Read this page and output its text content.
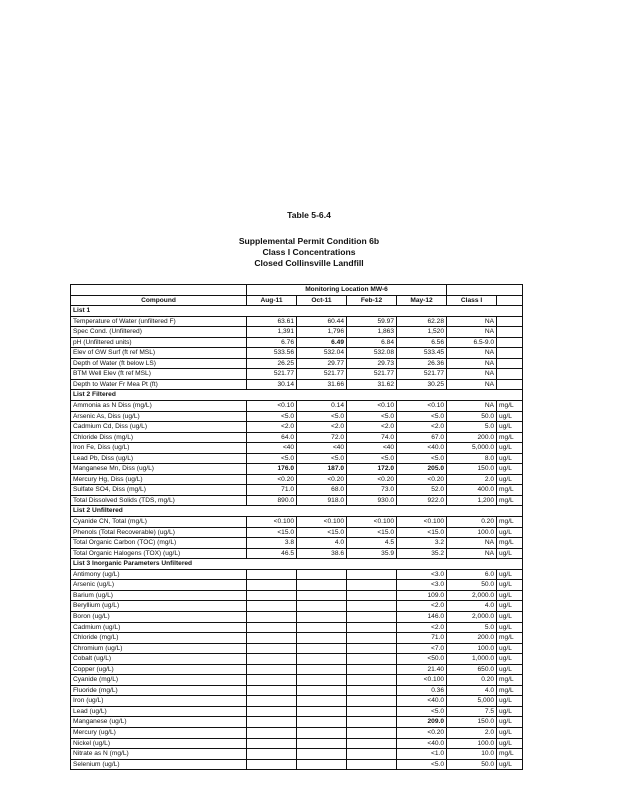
Table 5-6.4
Supplemental Permit Condition 6b
Class I Concentrations
Closed Collinsville Landfill
	Monitoring Location MW-6					
Compound	Aug-11	Oct-11	Feb-12	May-12	Class I	
List 1						
Temperature of Water (unfiltered F)	63.61	60.44	59.97	62.28	NA	
Spec Cond. (Unfiltered)	1,391	1,796	1,863	1,520	NA	
pH (Unfiltered units)	6.76	6.49	6.84	6.56	6.5-9.0	
Elev of GW Surf (ft ref MSL)	533.56	532.04	532.08	533.45	NA	
Depth of Water (ft below LS)	26.25	29.77	29.73	26.36	NA	
BTM Well Elev (ft ref MSL)	521.77	521.77	521.77	521.77	NA	
Depth to Water Fr Mea Pt (ft)	30.14	31.66	31.62	30.25	NA	
List 2 Filtered						
Ammonia as N Diss (mg/L)	<0.10	0.14	<0.10	<0.10	NA	mg/L
Arsenic As, Diss (ug/L)	<5.0	<5.0	<5.0	<5.0	50.0	ug/L
Cadmium Cd, Diss (ug/L)	<2.0	<2.0	<2.0	<2.0	5.0	ug/L
Chloride Diss (mg/L)	64.0	72.0	74.0	67.0	200.0	mg/L
Iron Fe, Diss (ug/L)	<40	<40	<40	<40.0	5,000.0	ug/L
Lead Pb, Diss (ug/L)	<5.0	<5.0	<5.0	<5.0	8.0	ug/L
Manganese Mn, Diss (ug/L)	176.0	187.0	172.0	205.0	150.0	ug/L
Mercury Hg, Diss (ug/L)	<0.20	<0.20	<0.20	<0.20	2.0	ug/L
Sulfate SO4, Diss (mg/L)	71.0	68.0	73.0	52.0	400.0	mg/L
Total Dissolved Solids (TDS, mg/L)	890.0	918.0	930.0	922.0	1,200	mg/L
List 2 Unfiltered						
Cyanide CN, Total (mg/L)	<0.100	<0.100	<0.100	<0.100	0.20	mg/L
Phenols (Total Recoverable) (ug/L)	<15.0	<15.0	<15.0	<15.0	100.0	ug/L
Total Organic Carbon (TOC) (mg/L)	3.8	4.0	4.5	3.2	NA	mg/L
Total Organic Halogens (TOX) (ug/L)	46.5	38.6	35.9	35.2	NA	ug/L
List 3 Inorganic Parameters Unfiltered						
Antimony (ug/L)				<3.0	6.0	ug/L
Arsenic (ug/L)				<3.0	50.0	ug/L
Barium (ug/L)				109.0	2,000.0	ug/L
Beryllium (ug/L)				<2.0	4.0	ug/L
Boron (ug/L)				146.0	2,000.0	ug/L
Cadmium (ug/L)				<2.0	5.0	ug/L
Chloride (mg/L)				71.0	200.0	mg/L
Chromium (ug/L)				<7.0	100.0	ug/L
Cobalt (ug/L)				<50.0	1,000.0	ug/L
Copper (ug/L)				21.40	650.0	ug/L
Cyanide (mg/L)				<0.100	0.20	mg/L
Fluoride (mg/L)				0.36	4.0	mg/L
Iron (ug/L)				<40.0	5,000	ug/L
Lead (ug/L)				<5.0	7.5	ug/L
Manganese (ug/L)				209.0	150.0	ug/L
Mercury (ug/L)				<0.20	2.0	ug/L
Nickel (ug/L)				<40.0	100.0	ug/L
Nitrate as N (mg/L)				<1.0	10.0	mg/L
Selenium (ug/L)				<5.0	50.0	ug/L
